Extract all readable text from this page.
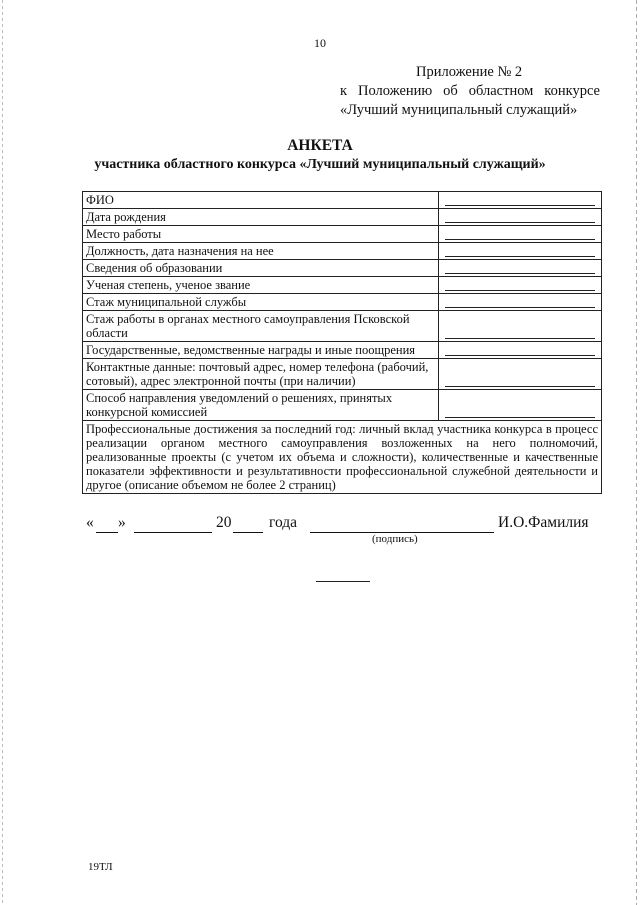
10
Приложение № 2
к Положению об областном конкурсе
«Лучший муниципальный служащий»
АНКЕТА
участника областного конкурса «Лучший муниципальный служащий»
ФИО	

Дата рождения	

Место работы	

Должность, дата назначения на нее	

Сведения об образовании	

Ученая степень, ученое звание	

Стаж муниципальной службы	

Стаж работы в органах местного самоуправления Псковской области	

Государственные, ведомственные награды и иные поощрения	

Контактные данные: почтовый адрес, номер телефона (рабочий, сотовый), адрес электронной почты (при наличии)	

Способ направления уведомлений о решениях, принятых конкурсной комиссией	

Профессиональные достижения за последний год: личный вклад участника конкурса в процесс реализации органом местного самоуправления возложенных на него полномочий, реализованные проекты (с учетом их объема и сложности), количественные и качественные показатели эффективности и результативности профессиональной служебной деятельности и другое (описание объемом не более 2 страниц)	
« »	20 года	И.О.Фамилия
(подпись)
19ТЛ
